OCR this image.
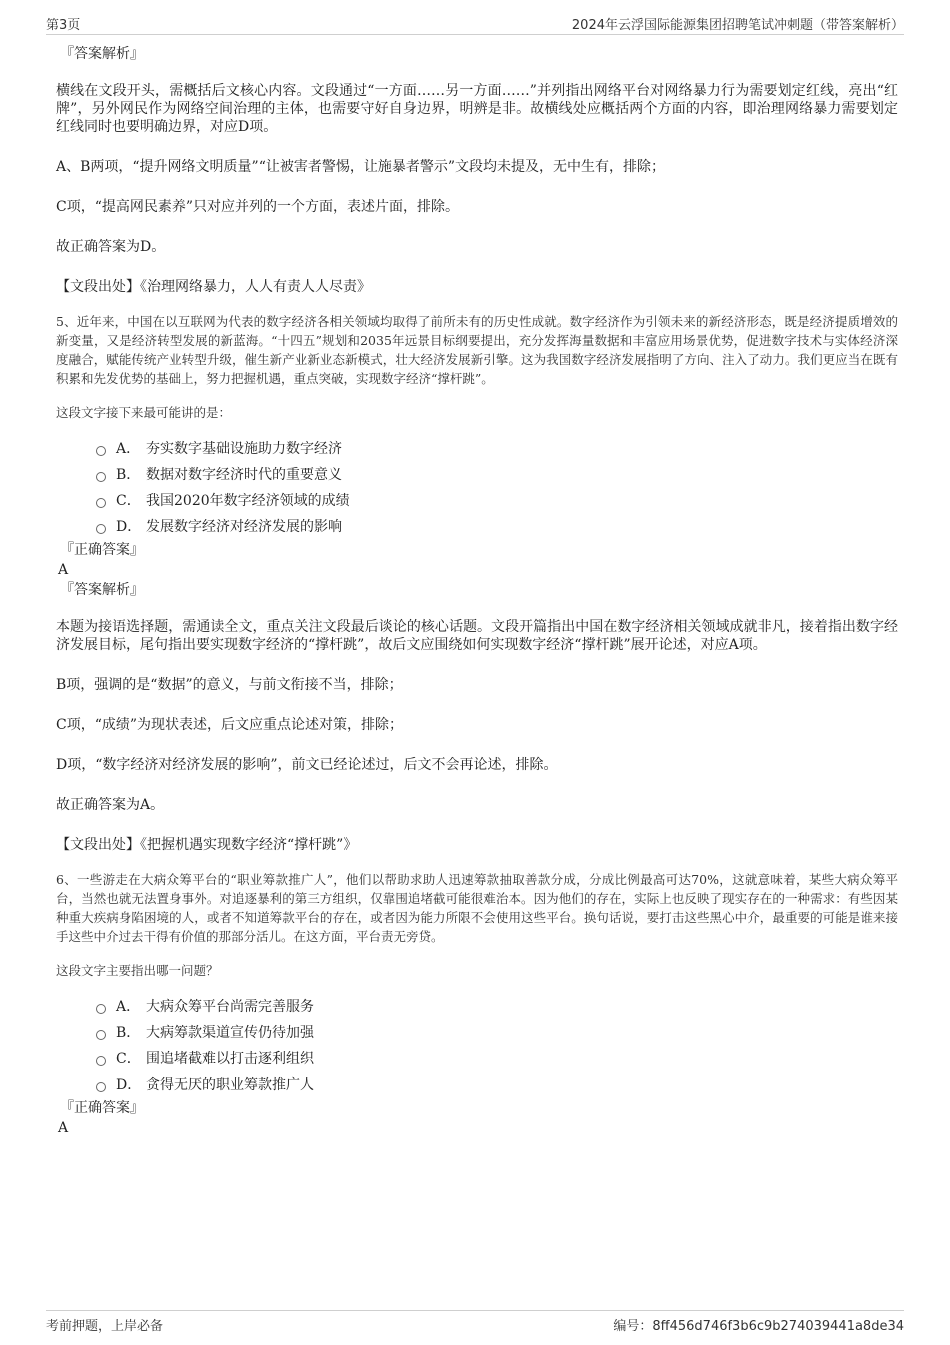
第3页	2024年云浮国际能源集团招聘笔试冲刺题（带答案解析）
『答案解析』

横线在文段开头，需概括后文核心内容。文段通过“一方面……另一方面……”并列指出网络平台对网络暴力行为需要划定红线，亮出“红牌”，另外网民作为网络空间治理的主体，也需要守好自身边界，明辨是非。故横线处应概括两个方面的内容，即治理网络暴力需要划定红线同时也要明确边界，对应D项。

A、B两项，“提升网络文明质量”“让被害者警惕，让施暴者警示”文段均未提及，无中生有，排除；

C项，“提高网民素养”只对应并列的一个方面，表述片面，排除。

故正确答案为D。

【文段出处】《治理网络暴力，人人有责人人尽责》

5、近年来，中国在以互联网为代表的数字经济各相关领域均取得了前所未有的历史性成就。数字经济作为引领未来的新经济形态，既是经济提质增效的新变量，又是经济转型发展的新蓝海。“十四五”规划和2035年远景目标纲要提出，充分发挥海量数据和丰富应用场景优势，促进数字技术与实体经济深度融合，赋能传统产业转型升级，催生新产业新业态新模式，壮大经济发展新引擎。这为我国数字经济发展指明了方向、注入了动力。我们更应当在既有积累和先发优势的基础上，努力把握机遇，重点突破，实现数字经济“撑杆跳”。

这段文字接下来最可能讲的是：

A． 夯实数字基础设施助力数字经济
B． 数据对数字经济时代的重要意义
C． 我国2020年数字经济领域的成绩
D． 发展数字经济对经济发展的影响
『正确答案』
A
『答案解析』

本题为接语选择题，需通读全文，重点关注文段最后谈论的核心话题。文段开篇指出中国在数字经济相关领域成就非凡，接着指出数字经济发展目标，尾句指出要实现数字经济的“撑杆跳”，故后文应围绕如何实现数字经济“撑杆跳”展开论述，对应A项。

B项，强调的是“数据”的意义，与前文衔接不当，排除；

C项，“成绩”为现状表述，后文应重点论述对策，排除；

D项，“数字经济对经济发展的影响”，前文已经论述过，后文不会再论述，排除。

故正确答案为A。

【文段出处】《把握机遇实现数字经济“撑杆跳”》

6、一些游走在大病众筹平台的“职业筹款推广人”，他们以帮助求助人迅速筹款抽取善款分成，分成比例最高可达70%，这就意味着，某些大病众筹平台，当然也就无法置身事外。对追逐暴利的第三方组织，仅靠围追堵截可能很难治本。因为他们的存在，实际上也反映了现实存在的一种需求：有些因某种重大疾病身陷困境的人，或者不知道筹款平台的存在，或者因为能力所限不会使用这些平台。换句话说，要打击这些黑心中介，最重要的可能是谁来接手这些中介过去干得有价值的那部分活儿。在这方面，平台责无旁贷。

这段文字主要指出哪一问题？

A． 大病众筹平台尚需完善服务
B． 大病筹款渠道宣传仍待加强
C． 围追堵截难以打击逐利组织
D． 贪得无厌的职业筹款推广人
『正确答案』
A
考前押题，上岸必备	编号：8ff456d746f3b6c9b274039441a8de34
